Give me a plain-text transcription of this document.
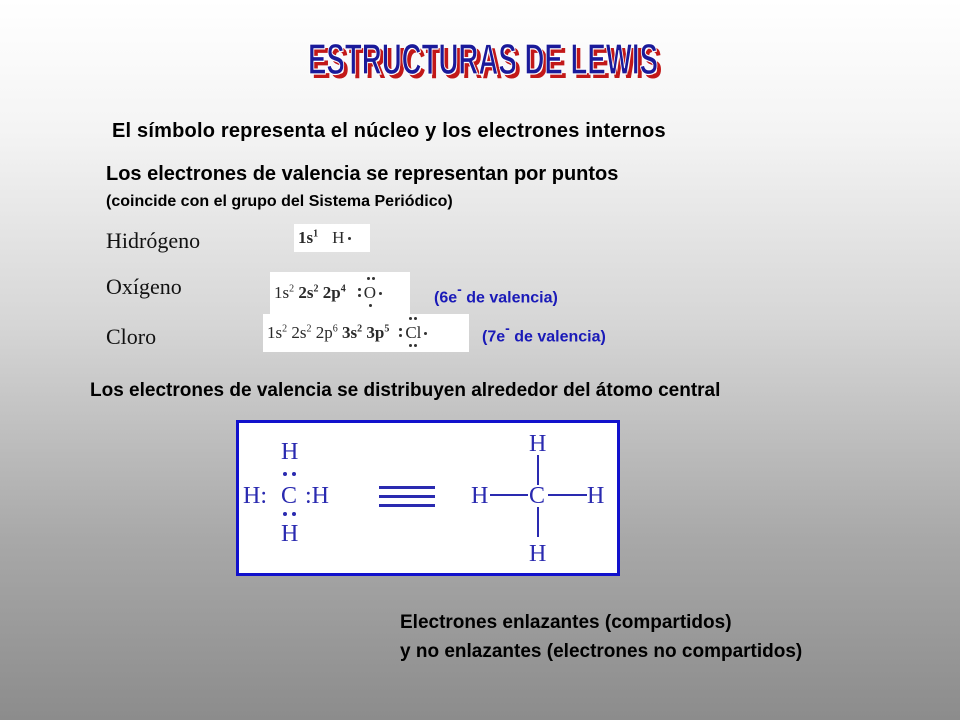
ESTRUCTURAS DE LEWIS
ESTRUCTURAS DE LEWIS
El símbolo representa el núcleo y los electrones internos
Los electrones de valencia se representan por puntos
(coincide con el grupo del Sistema Periódico)
Hidrógeno
Oxígeno
Cloro
$1s^1$ H
$1s^2$ $2s^2$ $2p^4$ O	(6e- de valencia)
$1s^2$ $2s^2$ $2p^6$ $3s^2$ $3p^5$ Cl	(7e- de valencia)
Los electrones de valencia se distribuyen alrededor del átomo central
H
H: C :H
H
H
H C H
H
Electrones enlazantes (compartidos)
y no enlazantes (electrones no compartidos)
